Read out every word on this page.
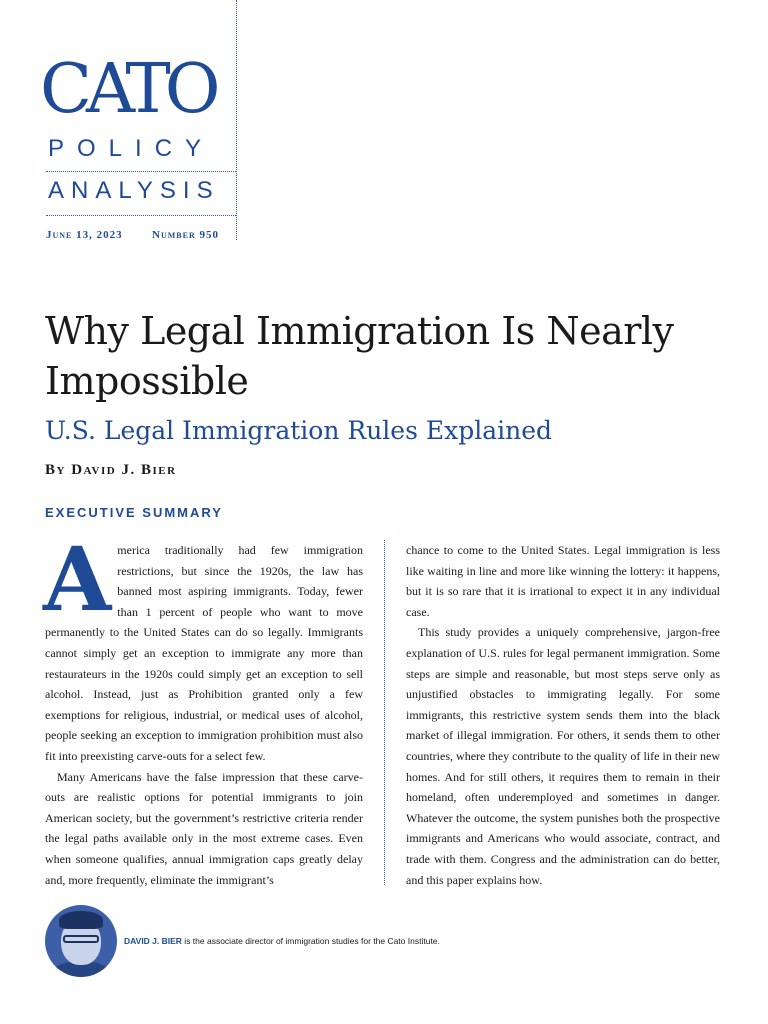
CATO
POLICY
ANALYSIS
June 13, 2023	Number 950
Why Legal Immigration Is Nearly Impossible
U.S. Legal Immigration Rules Explained
By David J. Bier
EXECUTIVE SUMMARY

America traditionally had few immigration restrictions, but since the 1920s, the law has banned most aspiring immigrants. Today, fewer than 1 percent of people who want to move permanently to the United States can do so legally. Immigrants cannot simply get an exception to immigrate any more than restaurateurs in the 1920s could simply get an exception to sell alcohol. Instead, just as Prohibition granted only a few exemptions for religious, industrial, or medical uses of alcohol, people seeking an exception to immigration prohibition must also fit into preexisting carve-outs for a select few.

Many Americans have the false impression that these carve-outs are realistic options for potential immigrants to join American society, but the government’s restrictive criteria render the legal paths available only in the most extreme cases. Even when someone qualifies, annual immigration caps greatly delay and, more frequently, eliminate the immigrant’s

chance to come to the United States. Legal immigration is less like waiting in line and more like winning the lottery: it happens, but it is so rare that it is irrational to expect it in any individual case.

This study provides a uniquely comprehensive, jargon-free explanation of U.S. rules for legal permanent immigration. Some steps are simple and reasonable, but most steps serve only as unjustified obstacles to immigrating legally. For some immigrants, this restrictive system sends them into the black market of illegal immigration. For others, it sends them to other countries, where they contribute to the quality of life in their new homes. And for still others, it requires them to remain in their homeland, often underemployed and sometimes in danger. Whatever the outcome, the system punishes both the prospective immigrants and Americans who would associate, contract, and trade with them. Congress and the administration can do better, and this paper explains how.

DAVID J. BIER is the associate director of immigration studies for the Cato Institute.
